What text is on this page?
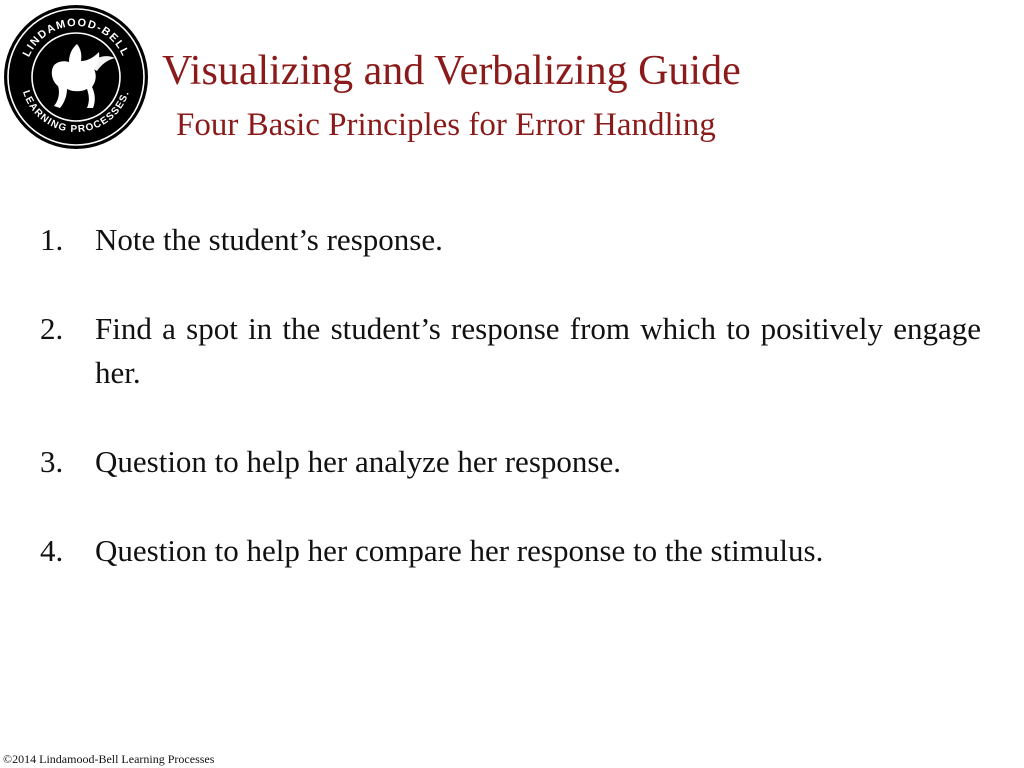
LINDAMOOD-BELL
LEARNING PROCESSES. Visualizing and Verbalizing Guide
Four Basic Principles for Error Handling
1. Note the student’s response.
2. Find a spot in the student’s response from which to positively engage her.
3. Question to help her analyze her response.
4. Question to help her compare her response to the stimulus.

©2014 Lindamood-Bell Learning Processes
